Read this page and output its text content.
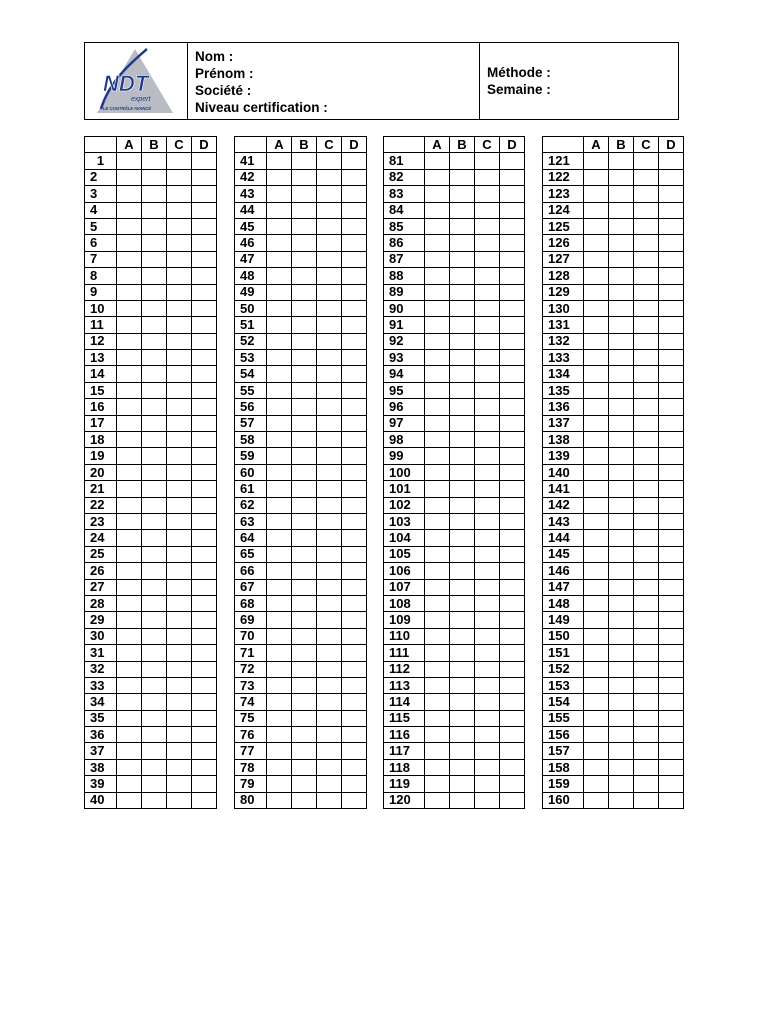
NDT
expert
LE CONTRÔLE AVANCÉ
Nom :
Prénom :
Société :
Niveau certification :
Méthode :
Semaine :
	A	B	C	D
1				
2				
3				
4				
5				
6				
7				
8				
9				
10				
11				
12				
13				
14				
15				
16				
17				
18				
19				
20				
21				
22				
23				
24				
25				
26				
27				
28				
29				
30				
31				
32				
33				
34				
35				
36				
37				
38				
39				
40				
	A	B	C	D
41				
42				
43				
44				
45				
46				
47				
48				
49				
50				
51				
52				
53				
54				
55				
56				
57				
58				
59				
60				
61				
62				
63				
64				
65				
66				
67				
68				
69				
70				
71				
72				
73				
74				
75				
76				
77				
78				
79				
80				
	A	B	C	D
81				
82				
83				
84				
85				
86				
87				
88				
89				
90				
91				
92				
93				
94				
95				
96				
97				
98				
99				
100				
101				
102				
103				
104				
105				
106				
107				
108				
109				
110				
111				
112				
113				
114				
115				
116				
117				
118				
119				
120				
	A	B	C	D
121				
122				
123				
124				
125				
126				
127				
128				
129				
130				
131				
132				
133				
134				
135				
136				
137				
138				
139				
140				
141				
142				
143				
144				
145				
146				
147				
148				
149				
150				
151				
152				
153				
154				
155				
156				
157				
158				
159				
160				
